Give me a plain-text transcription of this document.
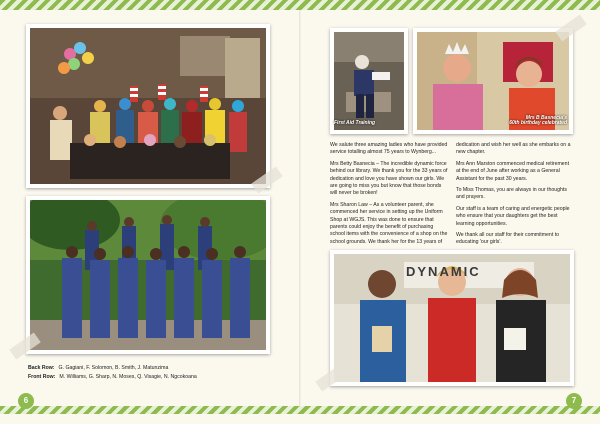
Back Row: G. Gagiani, F. Solomon, B. Smith, J. Matunzima
Front Row: M. Williams, G. Sharp, N. Moses, Q. Visagie, N. Ngcokoana
First Aid Training
Mrs B Basnecia's
60th birthday celebrated

We salute three amazing ladies who have provided service totalling almost 75 years to Wynberg...

Mrs Betty Basnecia – The incredible dynamic force behind our library. We thank you for the 33 years of dedication and love you have shown our girls. We are going to miss you but know that those bonds will never be broken!

Mrs Sharon Law – As a volunteer parent, she commenced her service in setting up the Uniform Shop at WGJS. This was done to ensure that parents could enjoy the benefit of purchasing school items with the convenience of a shop on the school grounds. We thank her for the 13 years of

dedication and wish her well as she embarks on a new chapter.

Mrs Ann Marston commenced medical retirement at the end of June after working as a General Assistant for the past 30 years.

To Miss Thomas, you are always in our thoughts and prayers.

Our staff is a team of caring and energetic people who ensure that your daughters get the best learning opportunities.

We thank all our staff for their commitment to educating 'our girls'.

DYNAMIC
6	7
